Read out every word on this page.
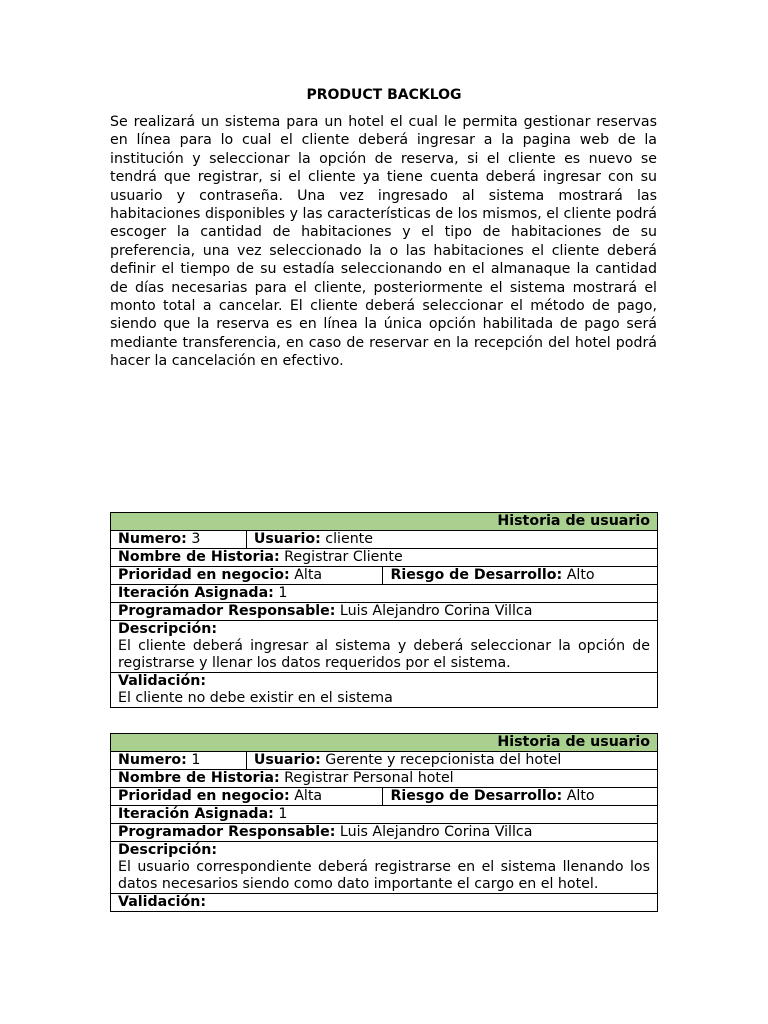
PRODUCT BACKLOG

Se realizará un sistema para un hotel el cual le permita gestionar reservas en línea para lo cual el cliente deberá ingresar a la pagina web de la institución y seleccionar la opción de reserva, si el cliente es nuevo se tendrá que registrar, si el cliente ya tiene cuenta deberá ingresar con su usuario y contraseña. Una vez ingresado al sistema mostrará las habitaciones disponibles y las características de los mismos, el cliente podrá escoger la cantidad de habitaciones y el tipo de habitaciones de su preferencia, una vez seleccionado la o las habitaciones el cliente deberá definir el tiempo de su estadía seleccionando en el almanaque la cantidad de días necesarias para el cliente, posteriormente el sistema mostrará el monto total a cancelar. El cliente deberá seleccionar el método de pago, siendo que la reserva es en línea la única opción habilitada de pago será mediante transferencia, en caso de reservar en la recepción del hotel podrá hacer la cancelación en efectivo.

Historia de usuario		
Numero: 3	Usuario: cliente	
Nombre de Historia: Registrar Cliente		
Prioridad en negocio: Alta		Riesgo de Desarrollo: Alto
Iteración Asignada: 1		
Programador Responsable: Luis Alejandro Corina Villca		

Descripción:
El cliente deberá ingresar al sistema y deberá seleccionar la opción de registrarse y llenar los datos requeridos por el sistema.		

Validación:
El cliente no debe existir en el sistema		
Historia de usuario		
Numero: 1	Usuario: Gerente y recepcionista del hotel	
Nombre de Historia: Registrar Personal hotel		
Prioridad en negocio: Alta		Riesgo de Desarrollo: Alto
Iteración Asignada: 1		
Programador Responsable: Luis Alejandro Corina Villca		

Descripción:
El usuario correspondiente deberá registrarse en el sistema llenando los datos necesarios siendo como dato importante el cargo en el hotel.		

Validación:		
